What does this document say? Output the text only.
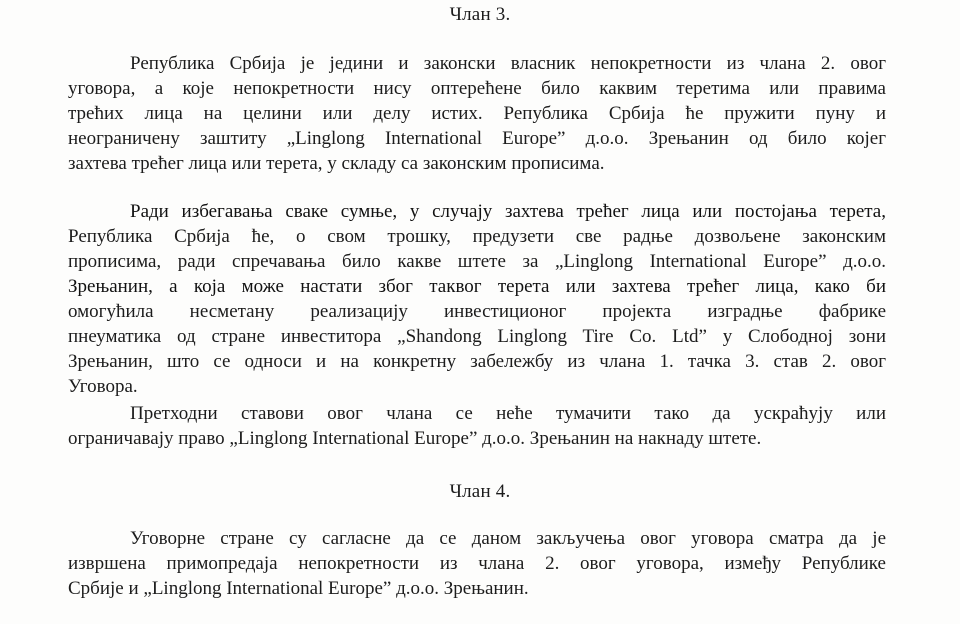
Члан 3.
Република Србија је једини и законски власник непокретности из члана 2. овог
уговора, а које непокретности нису оптерећене било каквим теретима или правима
трећих лица на целини или делу истих. Република Србија ће пружити пуну и
неограничену заштиту „Linglong International Europe” д.о.о. Зрењанин од било којег
захтева трећег лица или терета, у складу са законским прописима.
Ради избегавања сваке сумње, у случају захтева трећег лица или постојања терета,
Република Србија ће, о свом трошку, предузети све радње дозвољене законским
прописима, ради спречавања било какве штете за „Linglong International Europe” д.о.о.
Зрењанин, а која може настати због таквог терета или захтева трећег лица, како би
омогућила несметану реализацију инвестиционог пројекта изградње фабрике
пнеуматика од стране инвеститора „Shandong Linglong Tire Co. Ltd” у Слободној зони
Зрењанин, што се односи и на конкретну забележбу из члана 1. тачка 3. став 2. овог
Уговора.
Претходни ставови овог члана се неће тумачити тако да ускраћују или
ограничавају право „Linglong International Europe” д.о.о. Зрењанин на накнаду штете.
Члан 4.
Уговорне стране су сагласне да се даном закључења овог уговора сматра да је
извршена примопредаја непокретности из члана 2. овог уговора, између Републике
Србије и „Linglong International Europe” д.о.о. Зрењанин.
